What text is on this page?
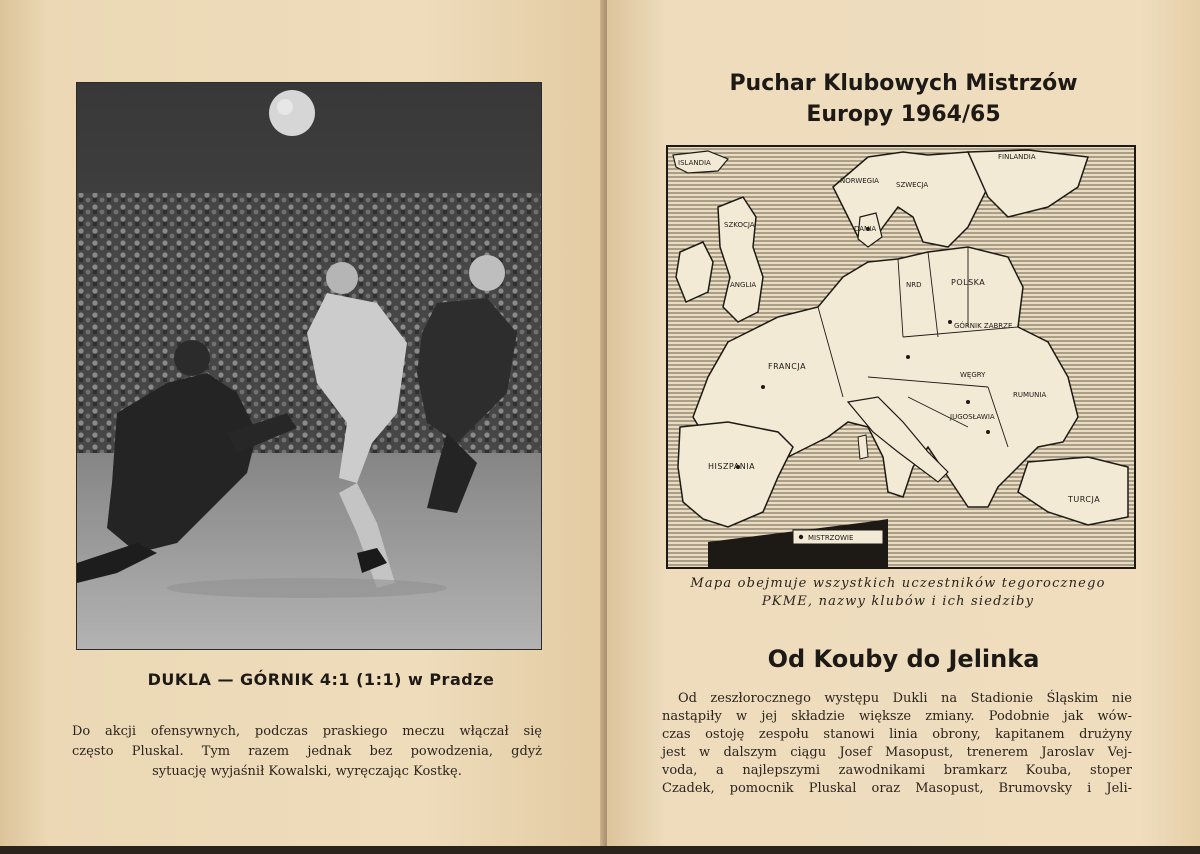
DUKLA — GÓRNIK 4:1 (1:1) w Pradze
Do akcji ofensywnych, podczas praskiego meczu włączał się
często Pluskal. Tym razem jednak bez powodzenia, gdyż
sytuację wyjaśnił Kowalski, wyręczając Kostkę.
Puchar Klubowych Mistrzów
Europy 1964/65
ISLANDIA
FINLANDIA
NORWEGIA SZWECJA
SZKOCJA	DANIA
ANGLIA	POLSKA
NRD
GÓRNIK ZABRZE
FRANCJA
WĘGRY
RUMUNIA
JUGOSŁAWIA
HISZPANIA
TURCJA
MISTRZOWIE
Mapa obejmuje wszystkich uczestników tegorocznego
PKME, nazwy klubów i ich siedziby
Od Kouby do Jelinka
Od zeszłorocznego występu Dukli na Stadionie Śląskim nie
nastąpiły w jej składzie większe zmiany. Podobnie jak wów-
czas ostoję zespołu stanowi linia obrony, kapitanem drużyny
jest w dalszym ciągu Josef Masopust, trenerem Jaroslav Vej-
voda, a najlepszymi zawodnikami bramkarz Kouba, stoper
Czadek, pomocnik Pluskal oraz Masopust, Brumovsky i Jeli-
